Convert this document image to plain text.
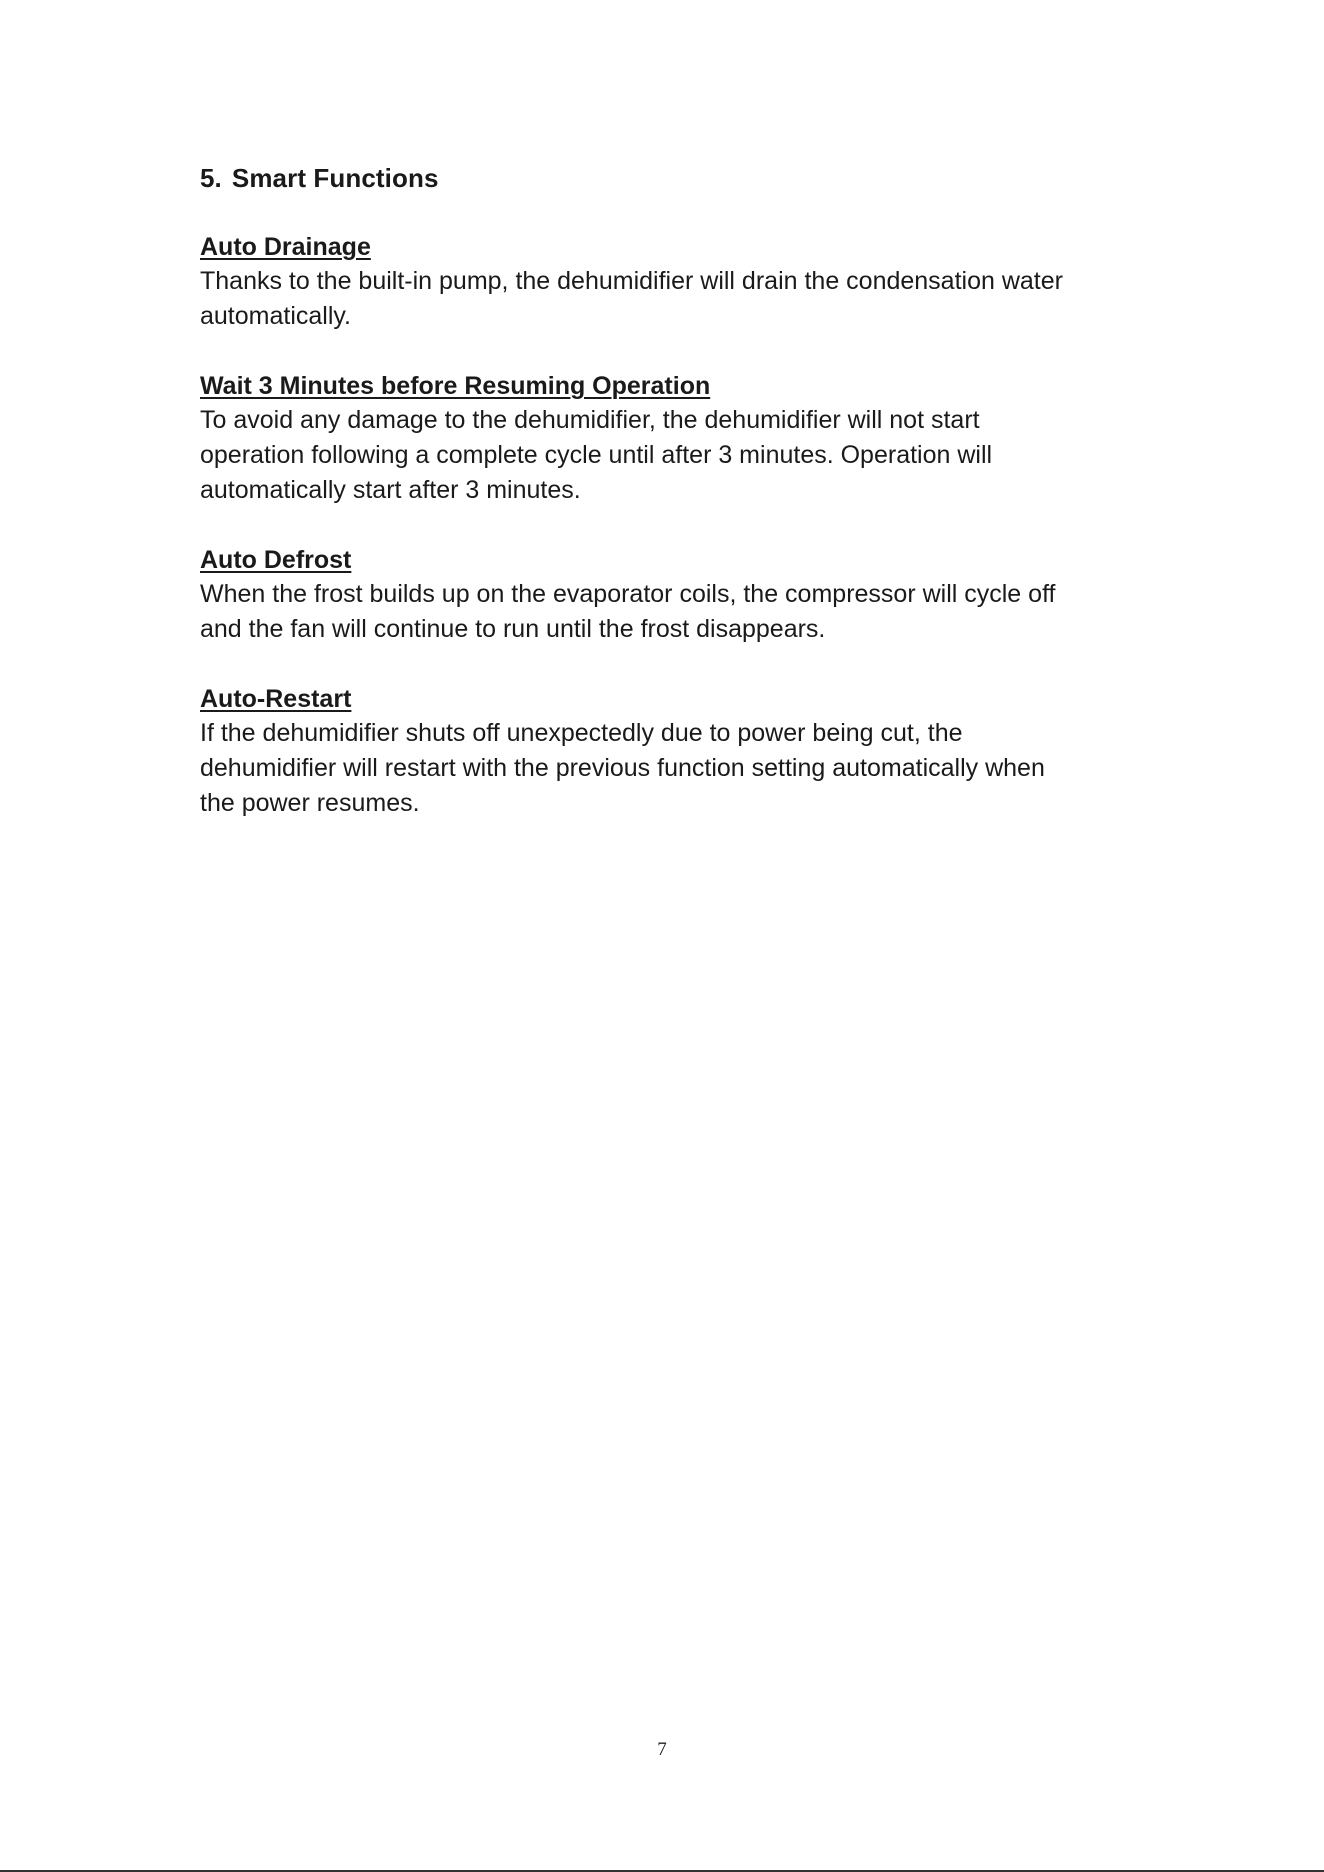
5. Smart Functions

Auto Drainage

Thanks to the built-in pump, the dehumidifier will drain the condensation water
automatically.

Wait 3 Minutes before Resuming Operation

To avoid any damage to the dehumidifier, the dehumidifier will not start
operation following a complete cycle until after 3 minutes. Operation will
automatically start after 3 minutes.

Auto Defrost

When the frost builds up on the evaporator coils, the compressor will cycle off
and the fan will continue to run until the frost disappears.

Auto-Restart

If the dehumidifier shuts off unexpectedly due to power being cut, the
dehumidifier will restart with the previous function setting automatically when
the power resumes.

7
